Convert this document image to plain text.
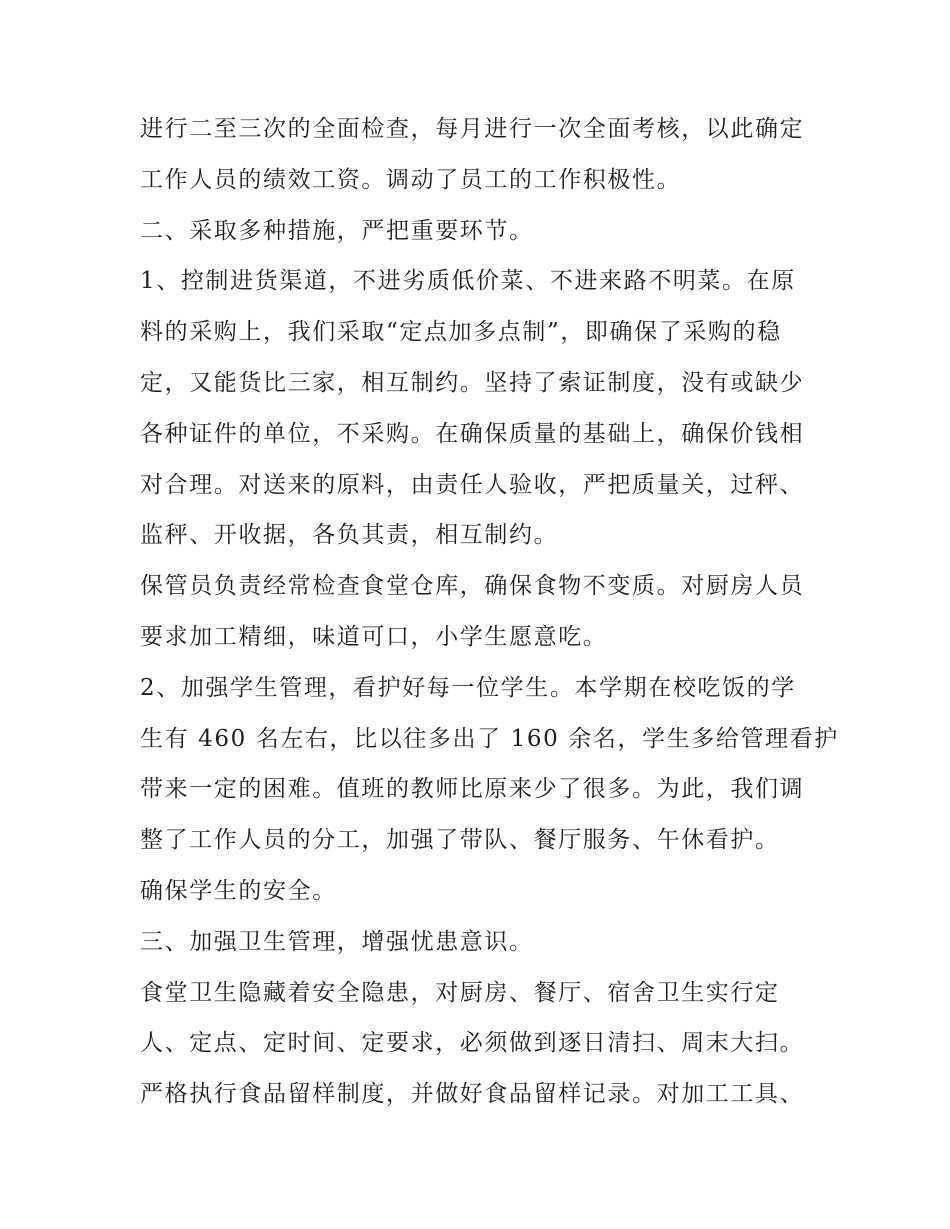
进行二至三次的全面检查，每月进行一次全面考核，以此确定
工作人员的绩效工资。调动了员工的工作积极性。
二、采取多种措施，严把重要环节。
1、控制进货渠道，不进劣质低价菜、不进来路不明菜。在原
料的采购上，我们采取“定点加多点制”，即确保了采购的稳
定，又能货比三家，相互制约。坚持了索证制度，没有或缺少
各种证件的单位，不采购。在确保质量的基础上，确保价钱相
对合理。对送来的原料，由责任人验收，严把质量关，过秤、
监秤、开收据，各负其责，相互制约。
保管员负责经常检查食堂仓库，确保食物不变质。对厨房人员
要求加工精细，味道可口，小学生愿意吃。
2、加强学生管理，看护好每一位学生。本学期在校吃饭的学
生有 460 名左右，比以往多出了 160 余名，学生多给管理看护
带来一定的困难。值班的教师比原来少了很多。为此，我们调
整了工作人员的分工，加强了带队、餐厅服务、午休看护。
确保学生的安全。
三、加强卫生管理，增强忧患意识。
食堂卫生隐藏着安全隐患，对厨房、餐厅、宿舍卫生实行定
人、定点、定时间、定要求，必须做到逐日清扫、周末大扫。
严格执行食品留样制度，并做好食品留样记录。对加工工具、
